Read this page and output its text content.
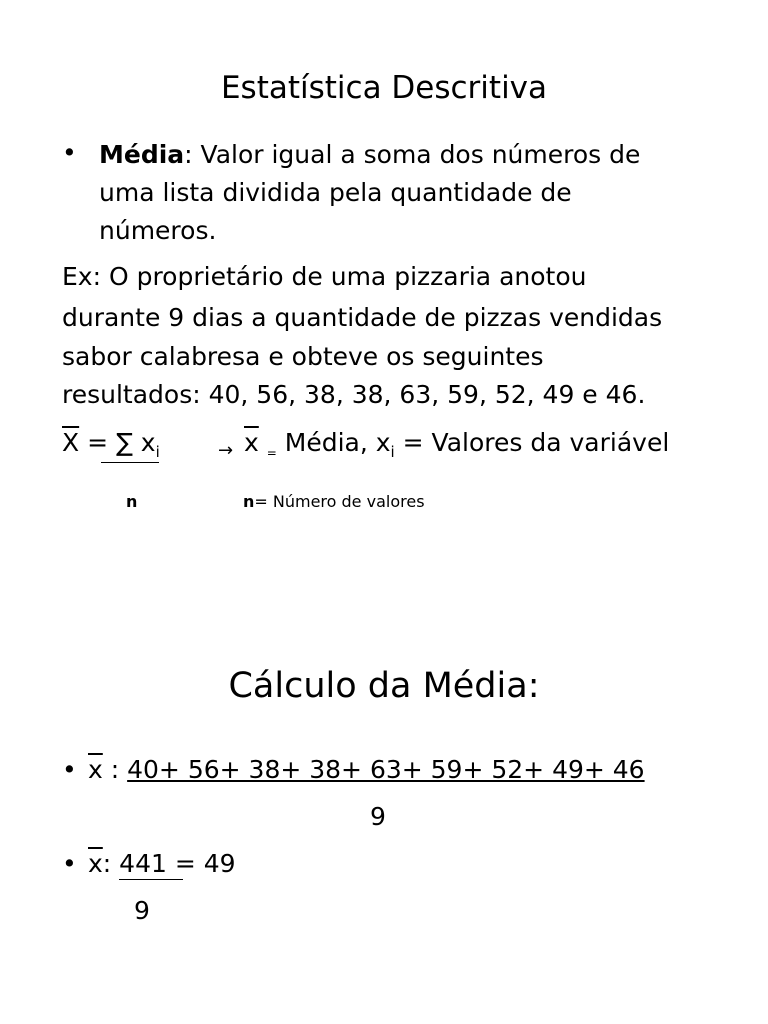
Estatística Descritiva
• Média: Valor igual a soma dos números de
uma lista dividida pela quantidade de
números.
Ex: O proprietário de uma pizzaria anotou
durante 9 dias a quantidade de pizzas vendidas
sabor calabresa e obteve os seguintes
resultados: 40, 56, 38, 38, 63, 59, 52, 49 e 46.
$\overline{X}$ = ∑ $x_i$	→ $\overline{x}$ $_=$ Média, $x_i$ = Valores da variável
n	n= Número de valores
Cálculo da Média:
• $\overline{x}$ : 40+ 56+ 38+ 38+ 63+ 59+ 52+ 49+ 46
9
• $\overline{x}$: 441 = 49
9
